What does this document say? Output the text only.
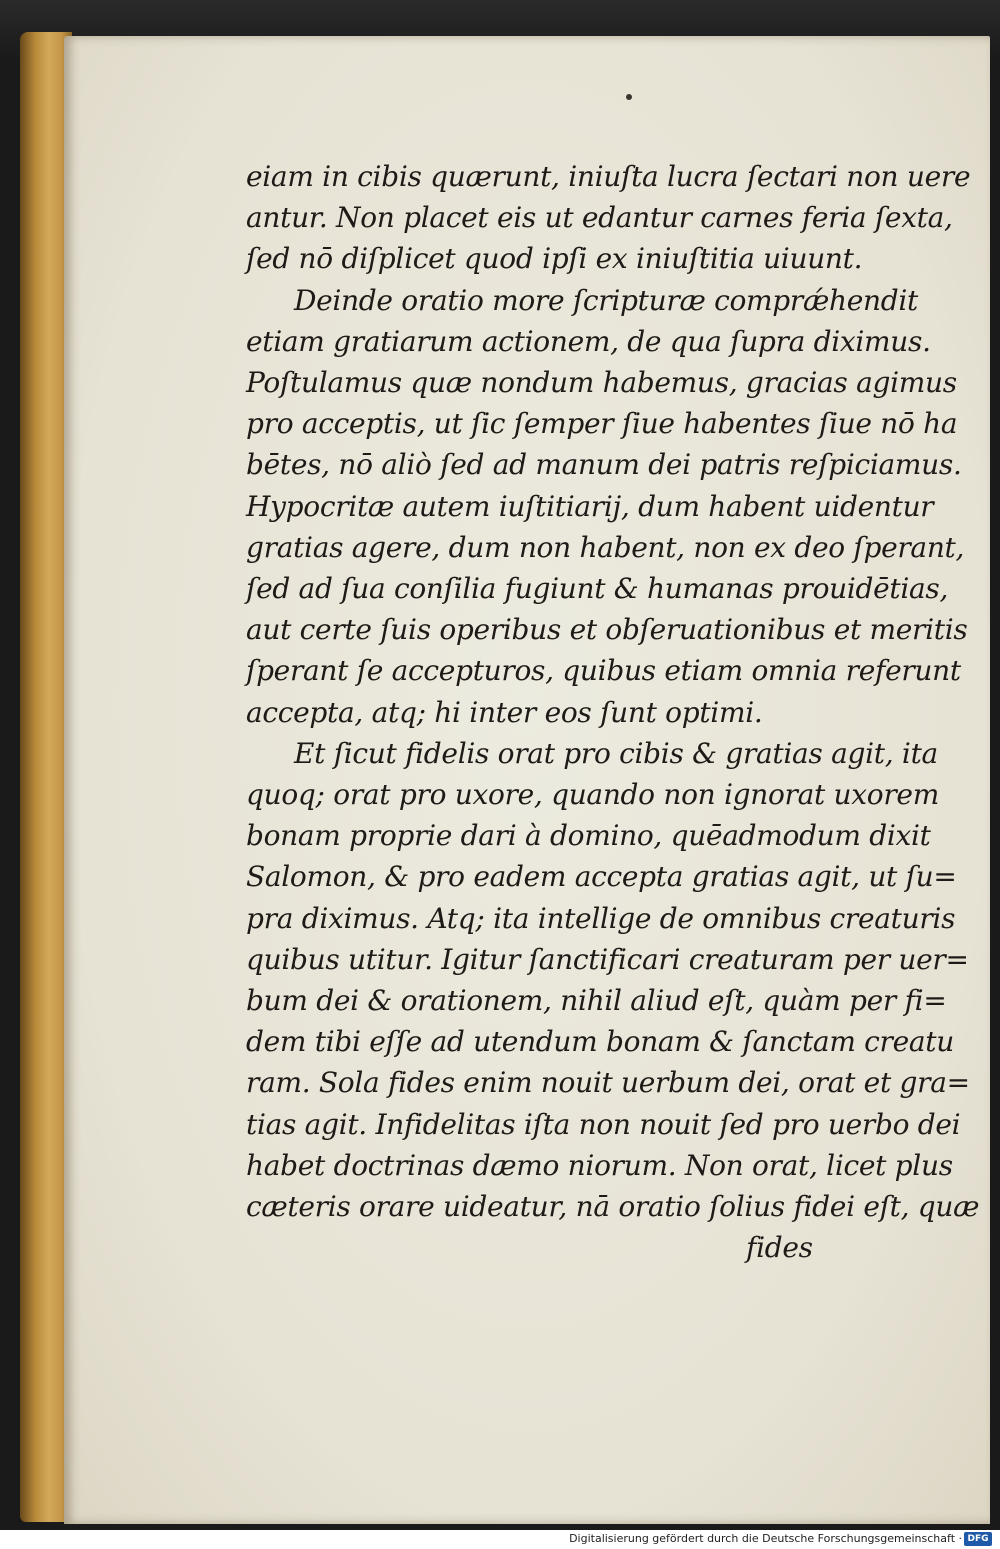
eiam in cibis quærunt, iniuſta lucra ſectari non uere
antur. Non placet eis ut edantur carnes feria ſexta,
ſed nō diſplicet quod ipſi ex iniuſtitia uiuunt.
Deinde oratio more ſcripturæ comprǽhendit
etiam gratiarum actionem, de qua ſupra diximus.
Poſtulamus quæ nondum habemus, gracias agimus
pro acceptis, ut ſic ſemper ſiue habentes ſiue nō ha
bētes, nō aliò ſed ad manum dei patris reſpiciamus.
Hypocritæ autem iuſtitiarij, dum habent uidentur
gratias agere, dum non habent, non ex deo ſperant,
ſed ad ſua conſilia fugiunt & humanas prouidētias,
aut certe ſuis operibus et obſeruationibus et meritis
ſperant ſe accepturos, quibus etiam omnia referunt
accepta, atq; hi inter eos ſunt optimi.
Et ſicut fidelis orat pro cibis & gratias agit, ita
quoq; orat pro uxore, quando non ignorat uxorem
bonam proprie dari à domino, quēadmodum dixit
Salomon, & pro eadem accepta gratias agit, ut ſu=
pra diximus. Atq; ita intellige de omnibus creaturis
quibus utitur. Igitur ſanctificari creaturam per uer=
bum dei & orationem, nihil aliud eſt, quàm per fi=
dem tibi eſſe ad utendum bonam & ſanctam creatu
ram. Sola fides enim nouit uerbum dei, orat et gra=
tias agit. Infidelitas iſta non nouit ſed pro uerbo dei
habet doctrinas dæmo niorum. Non orat, licet plus
cæteris orare uideatur, nā oratio ſolius fidei eſt, quæ
fides
Digitalisierung gefördert durch die Deutsche Forschungsgemeinschaft · DFG
